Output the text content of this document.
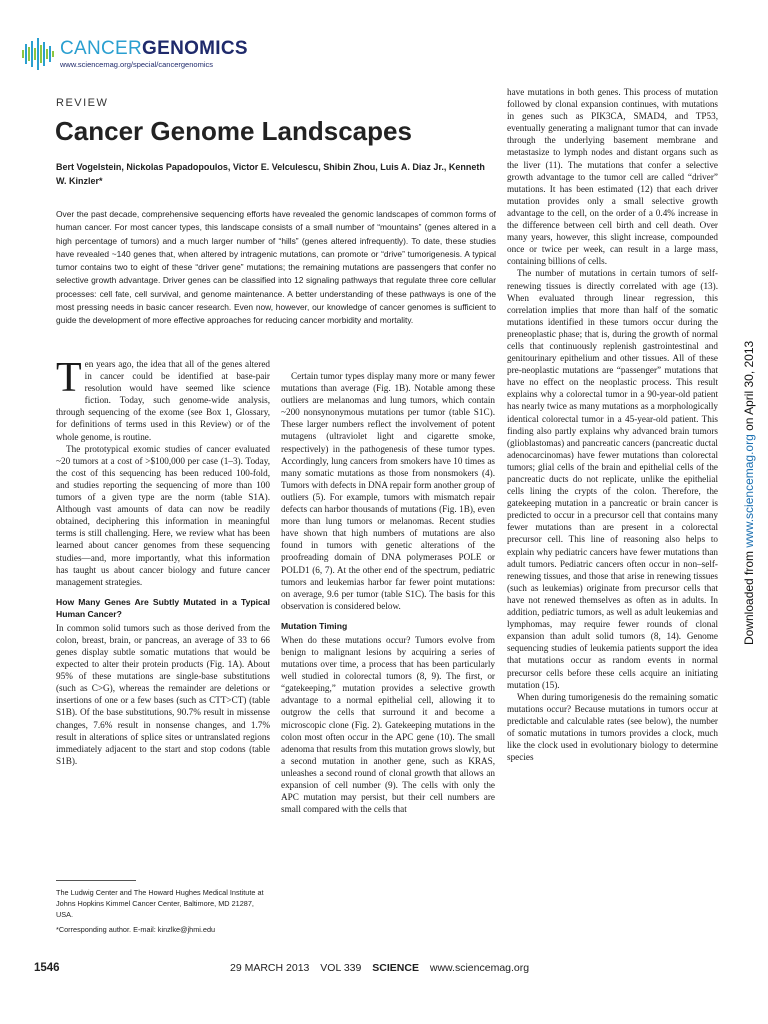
CANCERGENOMICS
www.sciencemag.org/special/cancergenomics
REVIEW
Cancer Genome Landscapes
Bert Vogelstein, Nickolas Papadopoulos, Victor E. Velculescu, Shibin Zhou, Luis A. Diaz Jr., Kenneth W. Kinzler*
Over the past decade, comprehensive sequencing efforts have revealed the genomic landscapes of common forms of human cancer. For most cancer types, this landscape consists of a small number of “mountains” (genes altered in a high percentage of tumors) and a much larger number of “hills” (genes altered infrequently). To date, these studies have revealed ~140 genes that, when altered by intragenic mutations, can promote or “drive” tumorigenesis. A typical tumor contains two to eight of these “driver gene” mutations; the remaining mutations are passengers that confer no selective growth advantage. Driver genes can be classified into 12 signaling pathways that regulate three core cellular processes: cell fate, cell survival, and genome maintenance. A better understanding of these pathways is one of the most pressing needs in basic cancer research. Even now, however, our knowledge of cancer genomes is sufficient to guide the development of more effective approaches for reducing cancer morbidity and mortality.
T en years ago, the idea that all of the genes altered in cancer could be identified at base-pair resolution would have seemed like science fiction. Today, such genome-wide analysis, through sequencing of the exome (see Box 1, Glossary, for definitions of terms used in this Review) or of the whole genome, is routine.

The prototypical exomic studies of cancer evaluated ~20 tumors at a cost of >$100,000 per case (1–3). Today, the cost of this sequencing has been reduced 100-fold, and studies reporting the sequencing of more than 100 tumors of a given type are the norm (table S1A). Although vast amounts of data can now be readily obtained, deciphering this information in meaningful terms is still challenging. Here, we review what has been learned about cancer genomes from these sequencing studies—and, more importantly, what this information has taught us about cancer biology and future cancer management strategies.

How Many Genes Are Subtly Mutated in a Typical Human Cancer?

In common solid tumors such as those derived from the colon, breast, brain, or pancreas, an average of 33 to 66 genes display subtle somatic mutations that would be expected to alter their protein products (Fig. 1A). About 95% of these mutations are single-base substitutions (such as C>G), whereas the remainder are deletions or insertions of one or a few bases (such as CTT>CT) (table S1B). Of the base substitutions, 90.7% result in missense changes, 7.6% result in nonsense changes, and 1.7% result in alterations of splice sites or untranslated regions immediately adjacent to the start and stop codons (table S1B).

Certain tumor types display many more or many fewer mutations than average (Fig. 1B). Notable among these outliers are melanomas and lung tumors, which contain ~200 nonsynonymous mutations per tumor (table S1C). These larger numbers reflect the involvement of potent mutagens (ultraviolet light and cigarette smoke, respectively) in the pathogenesis of these tumor types. Accordingly, lung cancers from smokers have 10 times as many somatic mutations as those from nonsmokers (4). Tumors with defects in DNA repair form another group of outliers (5). For example, tumors with mismatch repair defects can harbor thousands of mutations (Fig. 1B), even more than lung tumors or melanomas. Recent studies have shown that high numbers of mutations are also found in tumors with genetic alterations of the proofreading domain of DNA polymerases POLE or POLD1 (6, 7). At the other end of the spectrum, pediatric tumors and leukemias harbor far fewer point mutations: on average, 9.6 per tumor (table S1C). The basis for this observation is considered below.

Mutation Timing

When do these mutations occur? Tumors evolve from benign to malignant lesions by acquiring a series of mutations over time, a process that has been particularly well studied in colorectal tumors (8, 9). The first, or “gatekeeping,” mutation provides a selective growth advantage to a normal epithelial cell, allowing it to outgrow the cells that surround it and become a microscopic clone (Fig. 2). Gatekeeping mutations in the colon most often occur in the APC gene (10). The small adenoma that results from this mutation grows slowly, but a second mutation in another gene, such as KRAS, unleashes a second round of clonal growth that allows an expansion of cell number (9). The cells with only the APC mutation may persist, but their cell numbers are small compared with the cells that

have mutations in both genes. This process of mutation followed by clonal expansion continues, with mutations in genes such as PIK3CA, SMAD4, and TP53, eventually generating a malignant tumor that can invade through the underlying basement membrane and metastasize to lymph nodes and distant organs such as the liver (11). The mutations that confer a selective growth advantage to the tumor cell are called “driver” mutations. It has been estimated (12) that each driver mutation provides only a small selective growth advantage to the cell, on the order of a 0.4% increase in the difference between cell birth and cell death. Over many years, however, this slight increase, compounded once or twice per week, can result in a large mass, containing billions of cells.

The number of mutations in certain tumors of self-renewing tissues is directly correlated with age (13). When evaluated through linear regression, this correlation implies that more than half of the somatic mutations identified in these tumors occur during the preneoplastic phase; that is, during the growth of normal cells that continuously replenish gastrointestinal and genitourinary epithelium and other tissues. All of these pre-neoplastic mutations are “passenger” mutations that have no effect on the neoplastic process. This result explains why a colorectal tumor in a 90-year-old patient has nearly twice as many mutations as a morphologically identical colorectal tumor in a 45-year-old patient. This finding also partly explains why advanced brain tumors (glioblastomas) and pancreatic cancers (pancreatic ductal adenocarcinomas) have fewer mutations than colorectal tumors; glial cells of the brain and epithelial cells of the pancreatic ducts do not replicate, unlike the epithelial cells lining the crypts of the colon. Therefore, the gatekeeping mutation in a pancreatic or brain cancer is predicted to occur in a precursor cell that contains many fewer mutations than are present in a colorectal precursor cell. This line of reasoning also helps to explain why pediatric cancers have fewer mutations than adult tumors. Pediatric cancers often occur in non–self-renewing tissues, and those that arise in renewing tissues (such as leukemias) originate from precursor cells that have not renewed themselves as often as in adults. In addition, pediatric tumors, as well as adult leukemias and lymphomas, may require fewer rounds of clonal expansion than adult solid tumors (8, 14). Genome sequencing studies of leukemia patients support the idea that mutations occur as random events in normal precursor cells before these cells acquire an initiating mutation (15).

When during tumorigenesis do the remaining somatic mutations occur? Because mutations in tumors occur at predictable and calculable rates (see below), the number of somatic mutations in tumors provides a clock, much like the clock used in evolutionary biology to determine species

The Ludwig Center and The Howard Hughes Medical Institute at Johns Hopkins Kimmel Cancer Center, Baltimore, MD 21287, USA.
*Corresponding author. E-mail: kinzlke@jhmi.edu
1546	29 MARCH 2013 VOL 339 SCIENCE www.sciencemag.org
Downloaded from www.sciencemag.org on April 30, 2013
